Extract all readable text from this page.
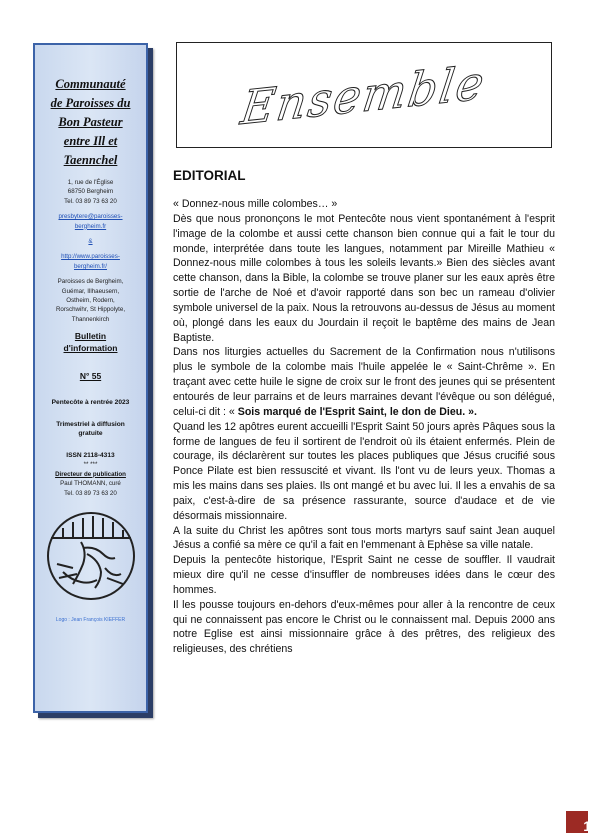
Communauté
de Paroisses du
Bon Pasteur
entre Ill et
Taennchel
1, rue de l'Église
68750 Bergheim
Tel. 03 89 73 63 20
presbytere@paroisses-
bergheim.fr
&
http://www.paroisses-
bergheim.fr/
Paroisses de Bergheim,
Guémar, Illhaeusern,
Ostheim, Rodern,
Rorschwihr, St Hippolyte,
Thannenkirch
Bulletin
d'information
N° 55
Pentecôte à rentrée 2023
Trimestriel à diffusion
gratuite
ISSN 2118-4313
** ***
Directeur de publication
Paul THOMANN, curé
Tel. 03 89 73 63 20
Logo : Jean François KIEFFER
Ensemble
EDITORIAL

« Donnez-nous mille colombes… »

Dès que nous prononçons le mot Pentecôte nous vient spontanément à l'esprit l'image de la colombe et aussi cette chanson bien connue qui a fait le tour du monde, interprétée dans toute les langues, notamment par Mireille Mathieu « Donnez-nous mille colombes à tous les soleils levants.» Bien des siècles avant cette chanson, dans la Bible, la colombe se trouve planer sur les eaux après être sortie de l'arche de Noé et d'avoir rapporté dans son bec un rameau d'olivier symbole universel de la paix. Nous la retrouvons au-dessus de Jésus au moment où, plongé dans les eaux du Jourdain il reçoit le baptême des mains de Jean Baptiste.

Dans nos liturgies actuelles du Sacrement de la Confirmation nous n'utilisons plus le symbole de la colombe mais l'huile appelée le « Saint-Chrême ». En traçant avec cette huile le signe de croix sur le front des jeunes qui se présentent entourés de leur parrains et de leurs marraines devant l'évêque ou son délégué, celui-ci dit : « Sois marqué de l'Esprit Saint, le don de Dieu. ».

Quand les 12 apôtres eurent accueilli l'Esprit Saint 50 jours après Pâques sous la forme de langues de feu il sortirent de l'endroit où ils étaient enfermés. Plein de courage, ils déclarèrent sur toutes les places publiques que Jésus crucifié sous Ponce Pilate est bien ressuscité et vivant. Ils l'ont vu de leurs yeux. Thomas a mis les mains dans ses plaies. Ils ont mangé et bu avec lui. Il les a envahis de sa paix, c'est-à-dire de sa présence rassurante, source d'audace et de vie désormais missionnaire.

A la suite du Christ les apôtres sont tous morts martyrs sauf saint Jean auquel Jésus a confié sa mère ce qu'il a fait en l'emmenant à Ephèse sa ville natale.

Depuis la pentecôte historique, l'Esprit Saint ne cesse de souffler. Il vaudrait mieux dire qu'il ne cesse d'insuffler de nombreuses idées dans le cœur des hommes.

Il les pousse toujours en-dehors d'eux-mêmes pour aller à la rencontre de ceux qui ne connaissent pas encore le Christ ou le connaissent mal. Depuis 2000 ans notre Eglise est ainsi missionnaire grâce à des prêtres, des religieux des religieuses, des chrétiens

1
